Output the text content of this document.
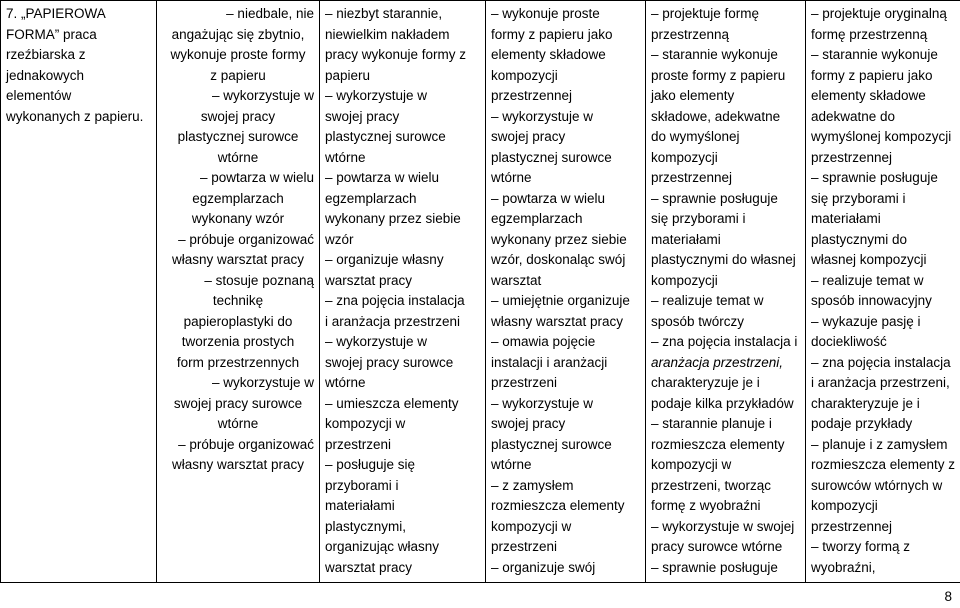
7. „PAPIEROWA
FORMA” praca
rzeźbiarska z
jednakowych
elementów
wykonanych z papieru.

– niedbale, nie
angażując się zbytnio,
wykonuje proste formy
z papieru
– wykorzystuje w
swojej pracy
plastycznej surowce
wtórne
– powtarza w wielu
egzemplarzach
wykonany wzór
– próbuje organizować
własny warsztat pracy
– stosuje poznaną
technikę
papieroplastyki do
tworzenia prostych
form przestrzennych
– wykorzystuje w
swojej pracy surowce
wtórne
– próbuje organizować
własny warsztat pracy

– niezbyt starannie,
niewielkim nakładem
pracy wykonuje formy z
papieru
– wykorzystuje w
swojej pracy
plastycznej surowce
wtórne
– powtarza w wielu
egzemplarzach
wykonany przez siebie
wzór
– organizuje własny
warsztat pracy
– zna pojęcia instalacja
i aranżacja przestrzeni
– wykorzystuje w
swojej pracy surowce
wtórne
– umieszcza elementy
kompozycji w
przestrzeni
– posługuje się
przyborami i
materiałami
plastycznymi,
organizując własny
warsztat pracy

– wykonuje proste
formy z papieru jako
elementy składowe
kompozycji
przestrzennej
– wykorzystuje w
swojej pracy
plastycznej surowce
wtórne
– powtarza w wielu
egzemplarzach
wykonany przez siebie
wzór, doskonaląc swój
warsztat
– umiejętnie organizuje
własny warsztat pracy
– omawia pojęcie
instalacji i aranżacji
przestrzeni
– wykorzystuje w
swojej pracy
plastycznej surowce
wtórne
– z zamysłem
rozmieszcza elementy
kompozycji w
przestrzeni
– organizuje swój

– projektuje formę
przestrzenną
– starannie wykonuje
proste formy z papieru
jako elementy
składowe, adekwatne
do wymyślonej
kompozycji
przestrzennej
– sprawnie posługuje
się przyborami i
materiałami
plastycznymi do własnej
kompozycji
– realizuje temat w
sposób twórczy
– zna pojęcia instalacja i
aranżacja przestrzeni,
charakteryzuje je i
podaje kilka przykładów
– starannie planuje i
rozmieszcza elementy
kompozycji w
przestrzeni, tworząc
formę z wyobraźni
– wykorzystuje w swojej
pracy surowce wtórne
– sprawnie posługuje

– projektuje oryginalną
formę przestrzenną
– starannie wykonuje
formy z papieru jako
elementy składowe
adekwatne do
wymyślonej kompozycji
przestrzennej
– sprawnie posługuje
się przyborami i
materiałami
plastycznymi do
własnej kompozycji
– realizuje temat w
sposób innowacyjny
– wykazuje pasję i
dociekliwość
– zna pojęcia instalacja
i aranżacja przestrzeni,
charakteryzuje je i
podaje przykłady
– planuje i z zamysłem
rozmieszcza elementy z
surowców wtórnych w
kompozycji
przestrzennej
– tworzy formą z
wyobraźni,
8
